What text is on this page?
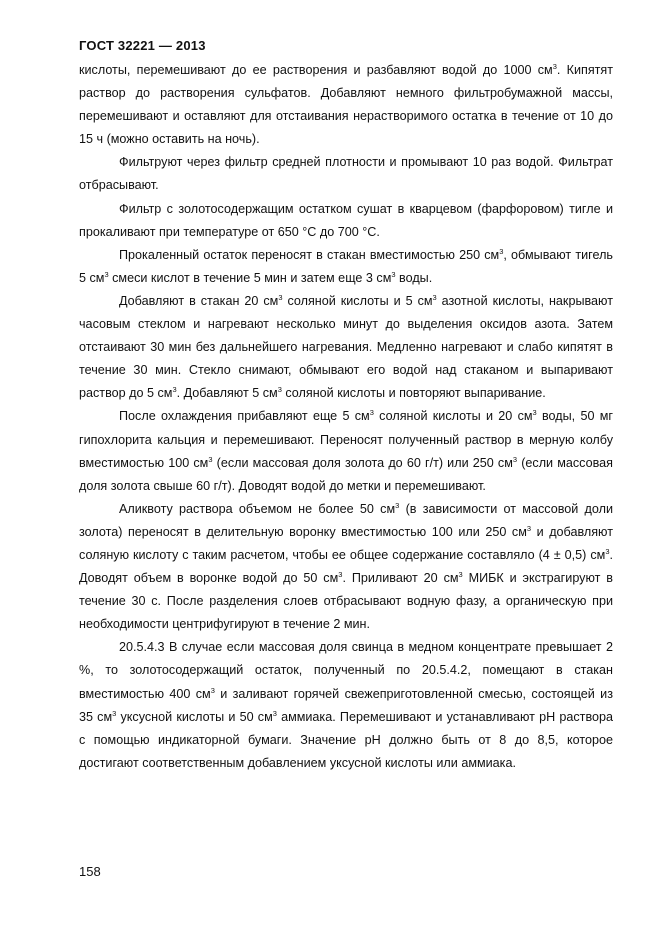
ГОСТ 32221 — 2013

кислоты, перемешивают до ее растворения и разбавляют водой до 1000 $см^3$. Кипятят раствор до растворения сульфатов. Добавляют немного фильтробумажной массы, перемешивают и оставляют для отстаивания нерастворимого остатка в течение от 10 до 15 ч (можно оставить на ночь).

Фильтруют через фильтр средней плотности и промывают 10 раз водой. Фильтрат отбрасывают.

Фильтр с золотосодержащим остатком сушат в кварцевом (фарфоровом) тигле и прокаливают при температуре от 650 °С до 700 °С.

Прокаленный остаток переносят в стакан вместимостью 250 $см^3$, обмывают тигель 5 $см^3$ смеси кислот в течение 5 мин и затем еще 3 $см^3$ воды.

Добавляют в стакан 20 $см^3$ соляной кислоты и 5 $см^3$ азотной кислоты, накрывают часовым стеклом и нагревают несколько минут до выделения оксидов азота. Затем отстаивают 30 мин без дальнейшего нагревания. Медленно нагревают и слабо кипятят в течение 30 мин. Стекло снимают, обмывают его водой над стаканом и выпаривают раствор до 5 $см^3$. Добавляют 5 $см^3$ соляной кислоты и повторяют выпаривание.

После охлаждения прибавляют еще 5 $см^3$ соляной кислоты и 20 $см^3$ воды, 50 мг гипохлорита кальция и перемешивают. Переносят полученный раствор в мерную колбу вместимостью 100 $см^3$ (если массовая доля золота до 60 г/т) или 250 $см^3$ (если массовая доля золота свыше 60 г/т). Доводят водой до метки и перемешивают.

Аликвоту раствора объемом не более 50 $см^3$ (в зависимости от массовой доли золота) переносят в делительную воронку вместимостью 100 или 250 $см^3$ и добавляют соляную кислоту с таким расчетом, чтобы ее общее содержание составляло (4 ± 0,5) $см^3$. Доводят объем в воронке водой до 50 $см^3$. Приливают 20 $см^3$ МИБК и экстрагируют в течение 30 с. После разделения слоев отбрасывают водную фазу, а органическую при необходимости центрифугируют в течение 2 мин.

20.5.4.3 В случае если массовая доля свинца в медном концентрате превышает 2 %, то золотосодержащий остаток, полученный по 20.5.4.2, помещают в стакан вместимостью 400 $см^3$ и заливают горячей свежеприготовленной смесью, состоящей из 35 $см^3$ уксусной кислоты и 50 $см^3$ аммиака. Перемешивают и устанавливают pH раствора с помощью индикаторной бумаги. Значение pH должно быть от 8 до 8,5, которое достигают соответственным добавлением уксусной кислоты или аммиака.

158
